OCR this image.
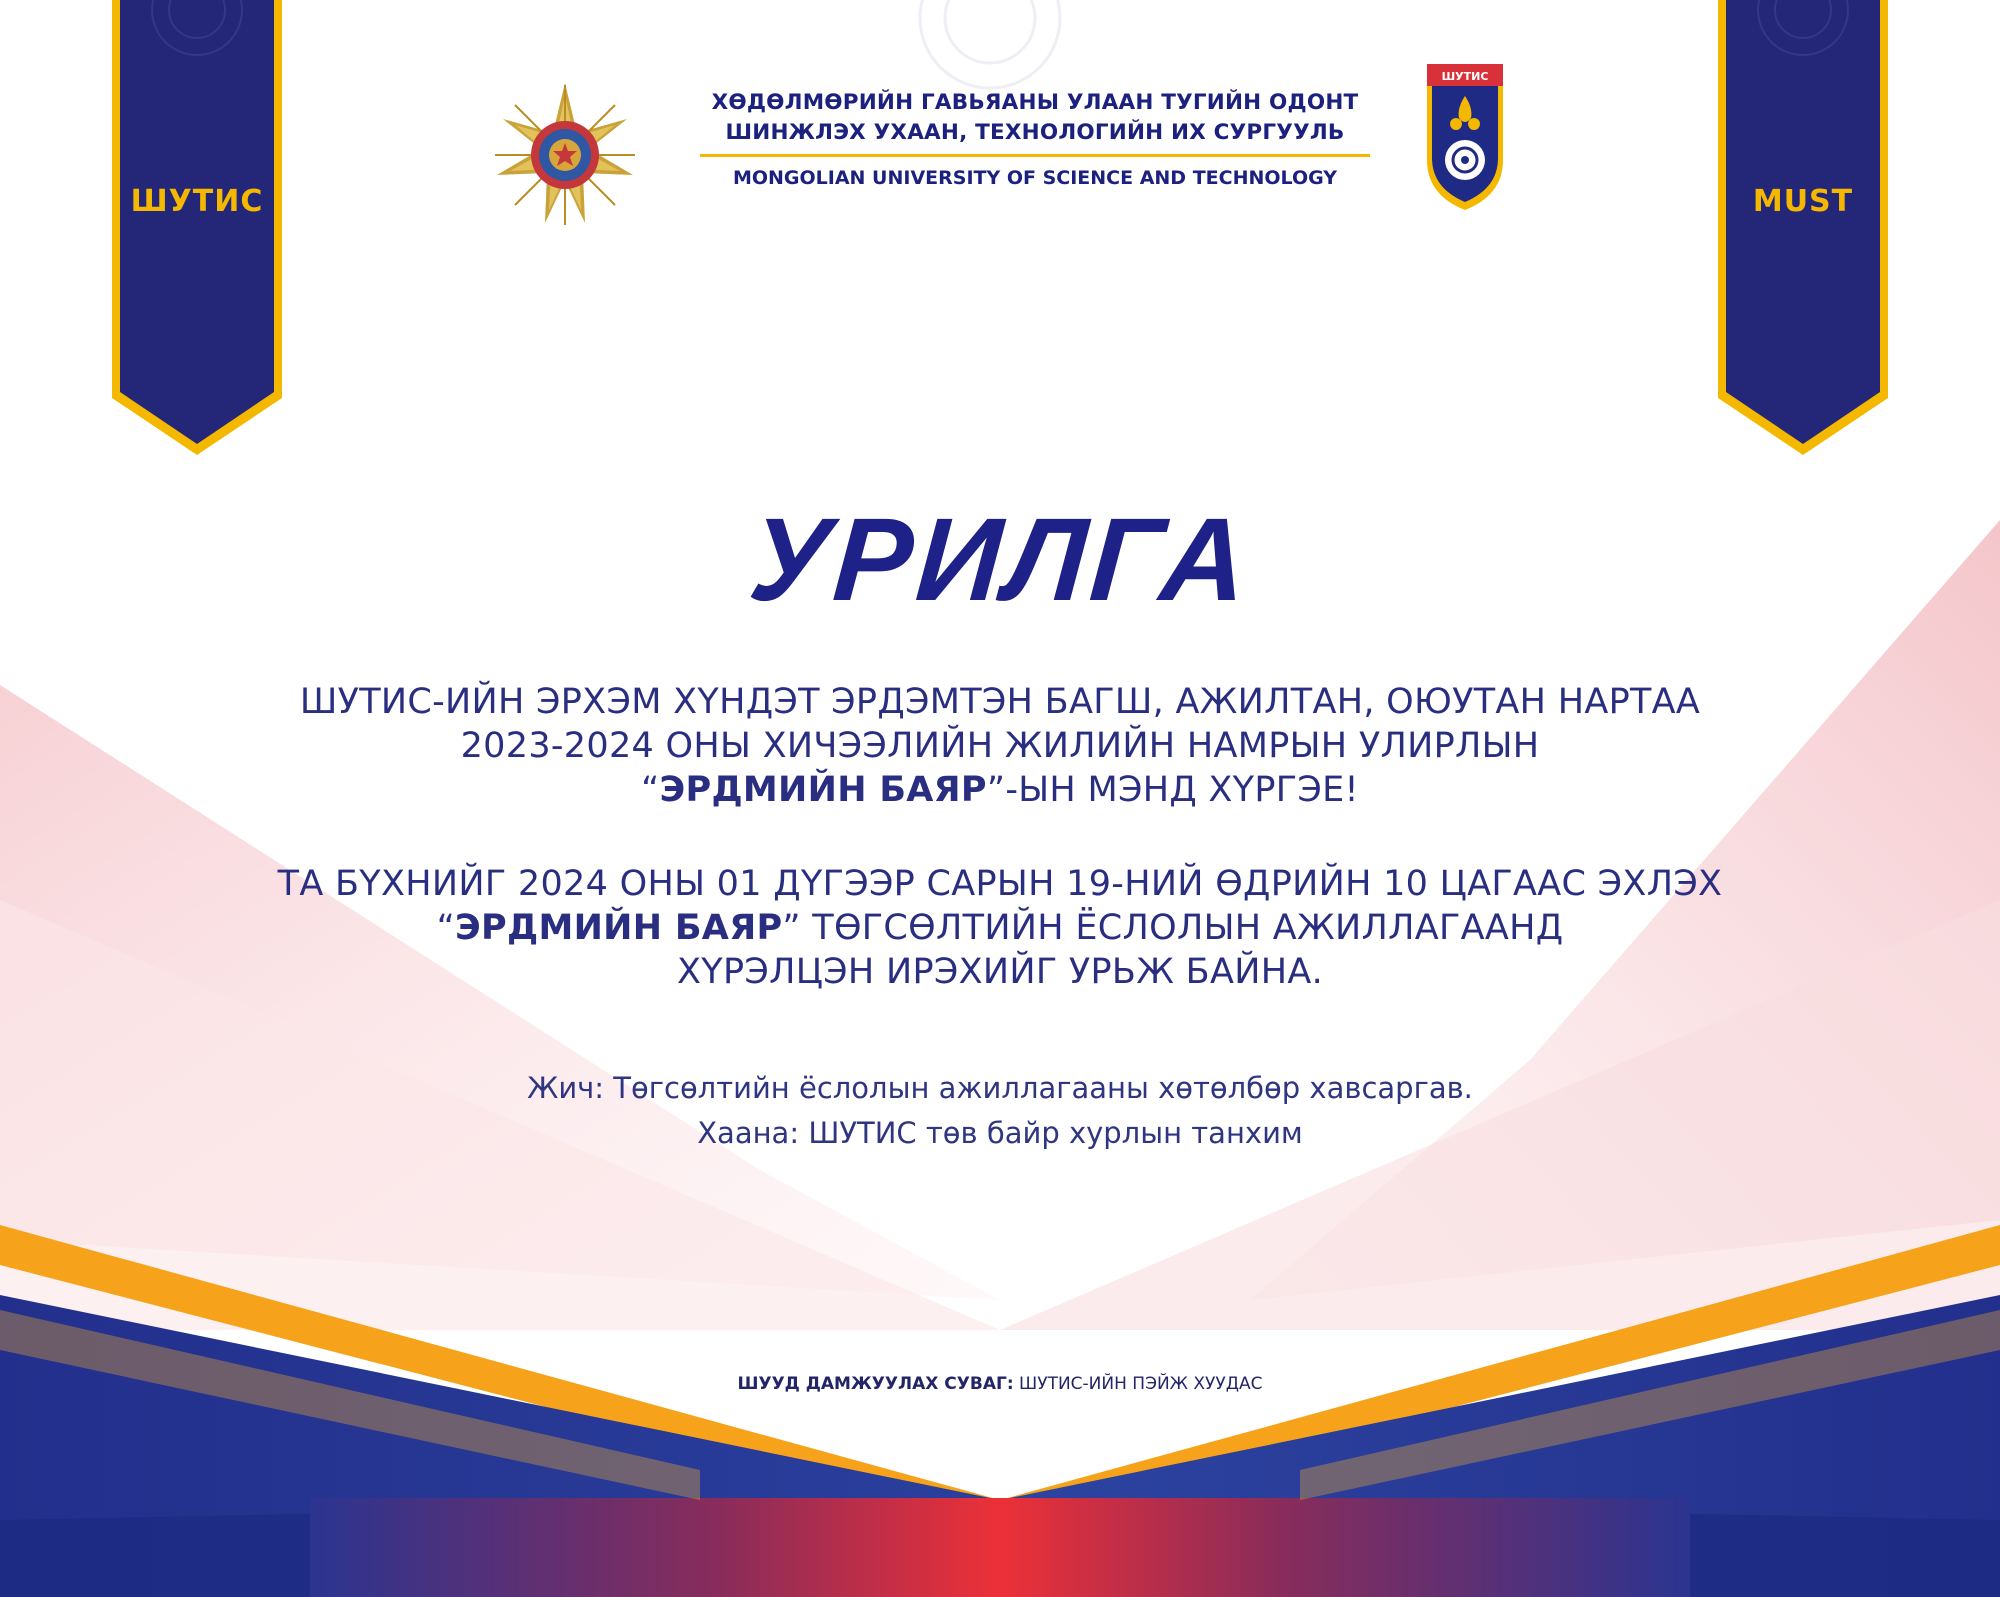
ШУТИС	MUST
ХӨДӨЛМӨРИЙН ГАВЬЯАНЫ УЛААН ТУГИЙН ОДОНТ
ШИНЖЛЭХ УХААН, ТЕХНОЛОГИЙН ИХ СУРГУУЛЬ
MONGOLIAN UNIVERSITY OF SCIENCE AND TECHNOLOGY
ШУТИС
УРИЛГА
ШУТИС-ИЙН ЭРХЭМ ХҮНДЭТ ЭРДЭМТЭН БАГШ, АЖИЛТАН, ОЮУТАН НАРТАА
2023-2024 ОНЫ ХИЧЭЭЛИЙН ЖИЛИЙН НАМРЫН УЛИРЛЫН
“ЭРДМИЙН БАЯР”-ЫН МЭНД ХҮРГЭЕ!
ТА БҮХНИЙГ 2024 ОНЫ 01 ДҮГЭЭР САРЫН 19-НИЙ ӨДРИЙН 10 ЦАГААС ЭХЛЭХ
“ЭРДМИЙН БАЯР” ТӨГСӨЛТИЙН ЁСЛОЛЫН АЖИЛЛАГААНД
ХҮРЭЛЦЭН ИРЭХИЙГ УРЬЖ БАЙНА.
Жич: Төгсөлтийн ёслолын ажиллагааны хөтөлбөр хавсаргав.
Хаана: ШУТИС төв байр хурлын танхим
ШУУД ДАМЖУУЛАХ СУВАГ: ШУТИС-ИЙН ПЭЙЖ ХУУДАС
